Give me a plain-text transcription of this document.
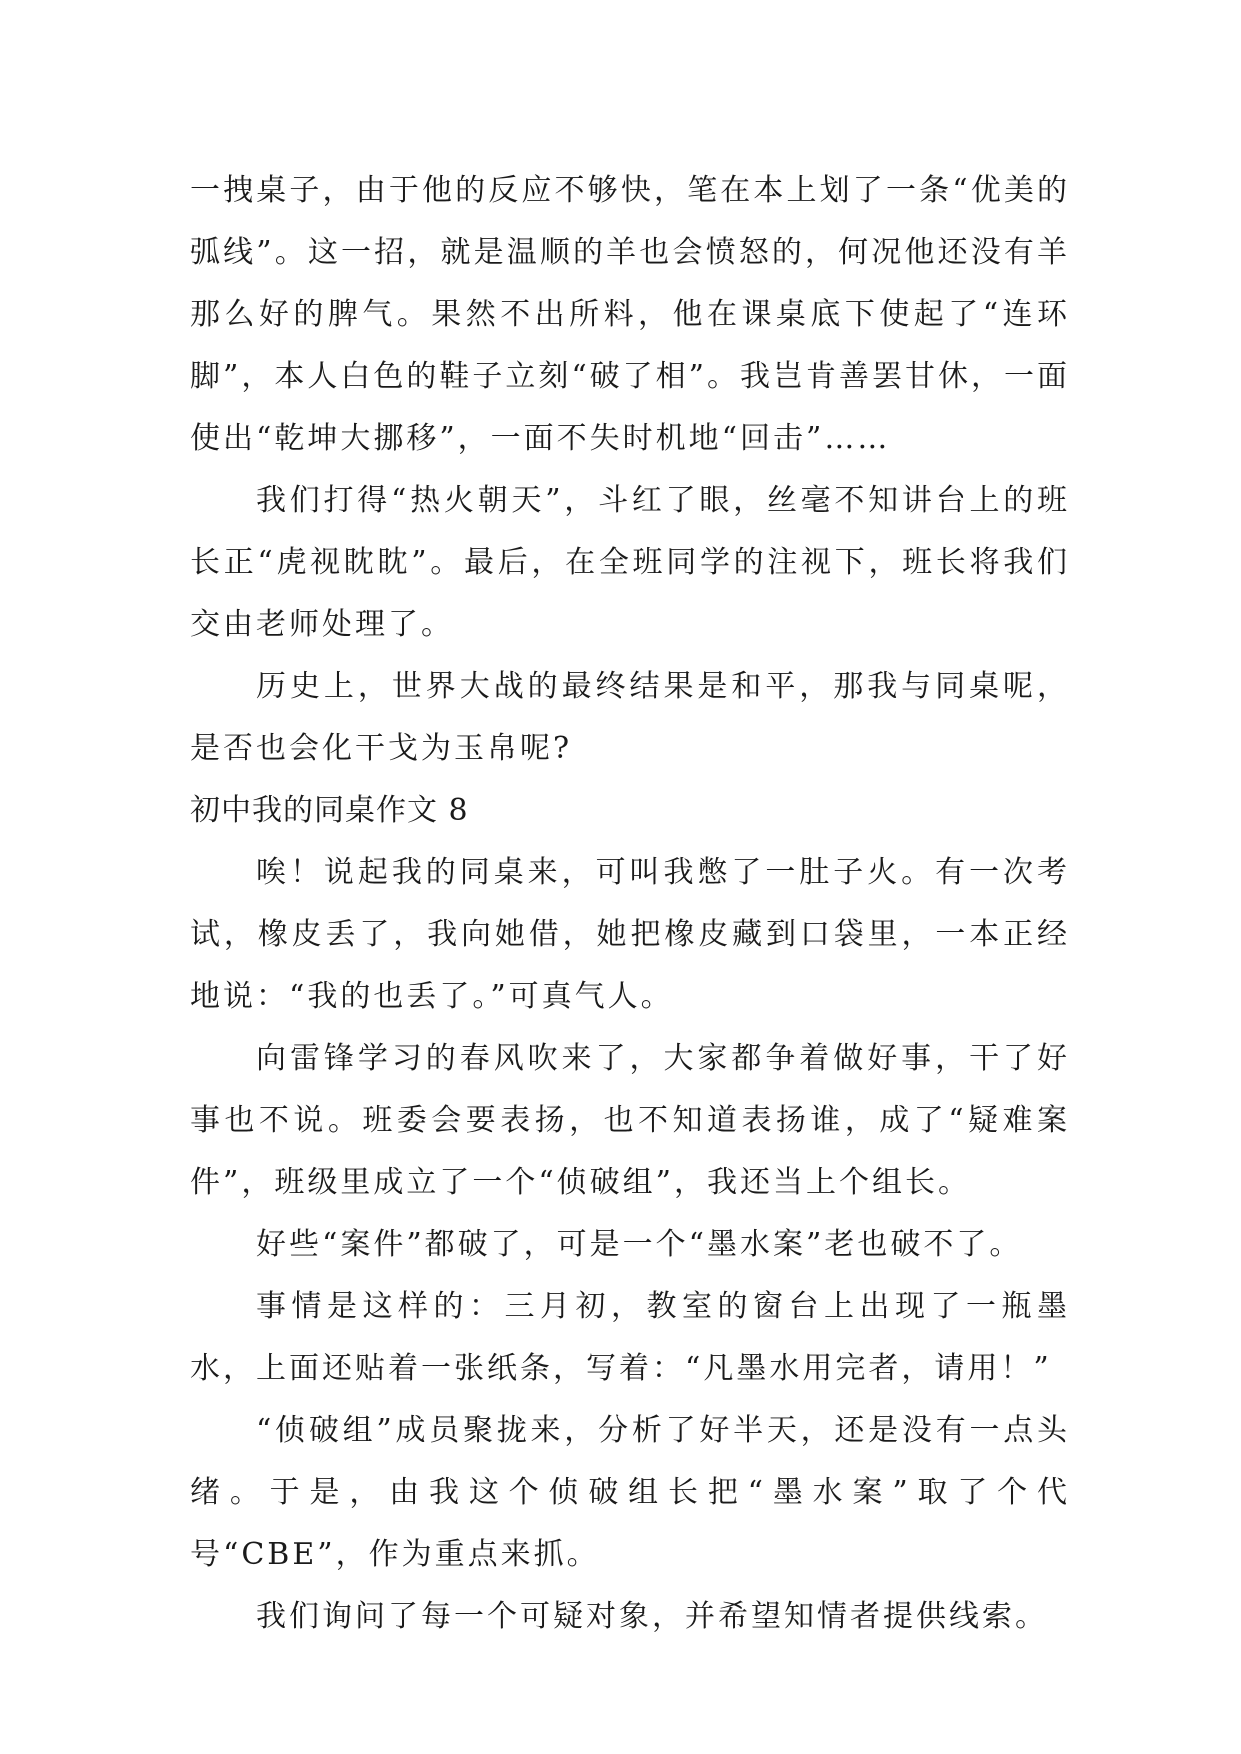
一拽桌子，由于他的反应不够快，笔在本上划了一条“优美的弧线”。这一招，就是温顺的羊也会愤怒的，何况他还没有羊那么好的脾气。果然不出所料，他在课桌底下使起了“连环脚”，本人白色的鞋子立刻“破了相”。我岂肯善罢甘休，一面使出“乾坤大挪移”，一面不失时机地“回击”……

我们打得“热火朝天”，斗红了眼，丝毫不知讲台上的班长正“虎视眈眈”。最后，在全班同学的注视下，班长将我们交由老师处理了。

历史上，世界大战的最终结果是和平，那我与同桌呢，是否也会化干戈为玉帛呢?

初中我的同桌作文 8

唉！说起我的同桌来，可叫我憋了一肚子火。有一次考试，橡皮丢了，我向她借，她把橡皮藏到口袋里，一本正经地说：“我的也丢了。”可真气人。

向雷锋学习的春风吹来了，大家都争着做好事，干了好事也不说。班委会要表扬，也不知道表扬谁，成了“疑难案件”，班级里成立了一个“侦破组”，我还当上个组长。

好些“案件”都破了，可是一个“墨水案”老也破不了。

事情是这样的：三月初，教室的窗台上出现了一瓶墨水，上面还贴着一张纸条，写着：“凡墨水用完者，请用！”

“侦破组”成员聚拢来，分析了好半天，还是没有一点头绪。于是，由我这个侦破组长把“墨水案”取了个代号“CBE”，作为重点来抓。

我们询问了每一个可疑对象，并希望知情者提供线索。
